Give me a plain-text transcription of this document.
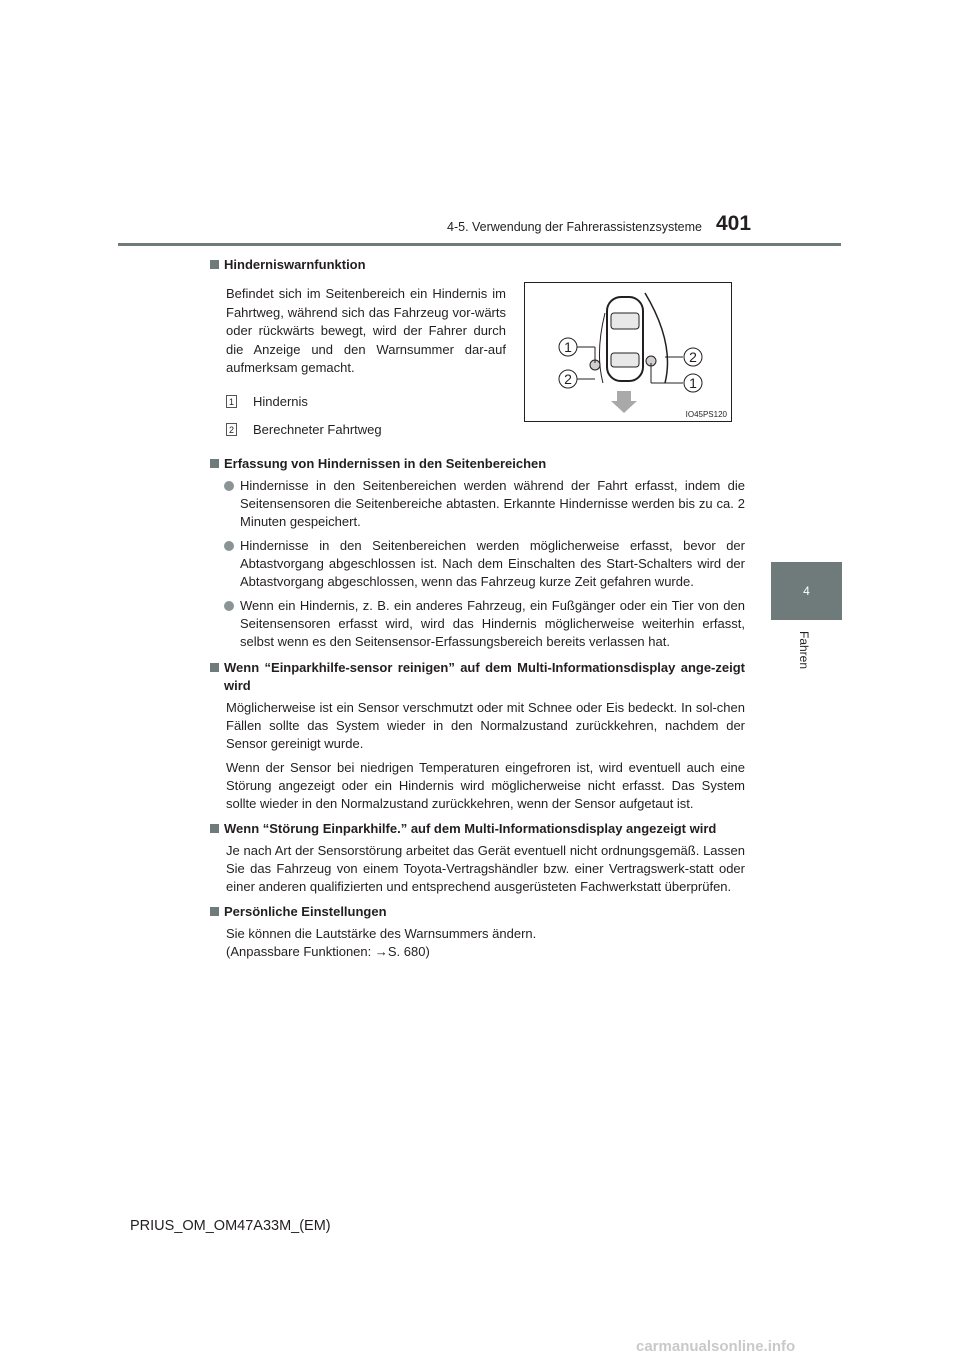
4-5. Verwendung der Fahrerassistenzsysteme 401
4
Fahren
Hinderniswarnfunktion
Befindet sich im Seitenbereich ein Hindernis im Fahrtweg, während sich das Fahrzeug vor-wärts oder rückwärts bewegt, wird der Fahrer durch die Anzeige und den Warnsummer dar-auf aufmerksam gemacht.
1 Hindernis
2 Berechneter Fahrtweg
Erfassung von Hindernissen in den Seitenbereichen
Hindernisse in den Seitenbereichen werden während der Fahrt erfasst, indem die Seitensensoren die Seitenbereiche abtasten. Erkannte Hindernisse werden bis zu ca. 2 Minuten gespeichert.
Hindernisse in den Seitenbereichen werden möglicherweise erfasst, bevor der Abtastvorgang abgeschlossen ist. Nach dem Einschalten des Start-Schalters wird der Abtastvorgang abgeschlossen, wenn das Fahrzeug kurze Zeit gefahren wurde.
Wenn ein Hindernis, z. B. ein anderes Fahrzeug, ein Fußgänger oder ein Tier von den Seitensensoren erfasst wird, wird das Hindernis möglicherweise weiterhin erfasst, selbst wenn es den Seitensensor-Erfassungsbereich bereits verlassen hat.
Wenn “Einparkhilfe-sensor reinigen” auf dem Multi-Informationsdisplay ange-zeigt wird
Möglicherweise ist ein Sensor verschmutzt oder mit Schnee oder Eis bedeckt. In sol-chen Fällen sollte das System wieder in den Normalzustand zurückkehren, nachdem der Sensor gereinigt wurde.
Wenn der Sensor bei niedrigen Temperaturen eingefroren ist, wird eventuell auch eine Störung angezeigt oder ein Hindernis wird möglicherweise nicht erfasst. Das System sollte wieder in den Normalzustand zurückkehren, wenn der Sensor aufgetaut ist.
Wenn “Störung Einparkhilfe.” auf dem Multi-Informationsdisplay angezeigt wird
Je nach Art der Sensorstörung arbeitet das Gerät eventuell nicht ordnungsgemäß. Lassen Sie das Fahrzeug von einem Toyota-Vertragshändler bzw. einer Vertragswerk-statt oder einer anderen qualifizierten und entsprechend ausgerüsteten Fachwerkstatt überprüfen.
Persönliche Einstellungen
Sie können die Lautstärke des Warnsummers ändern.
(Anpassbare Funktionen: →S. 680)
1
2
2
1
IO45PS120
PRIUS_OM_OM47A33M_(EM)
carmanualsonline.info
